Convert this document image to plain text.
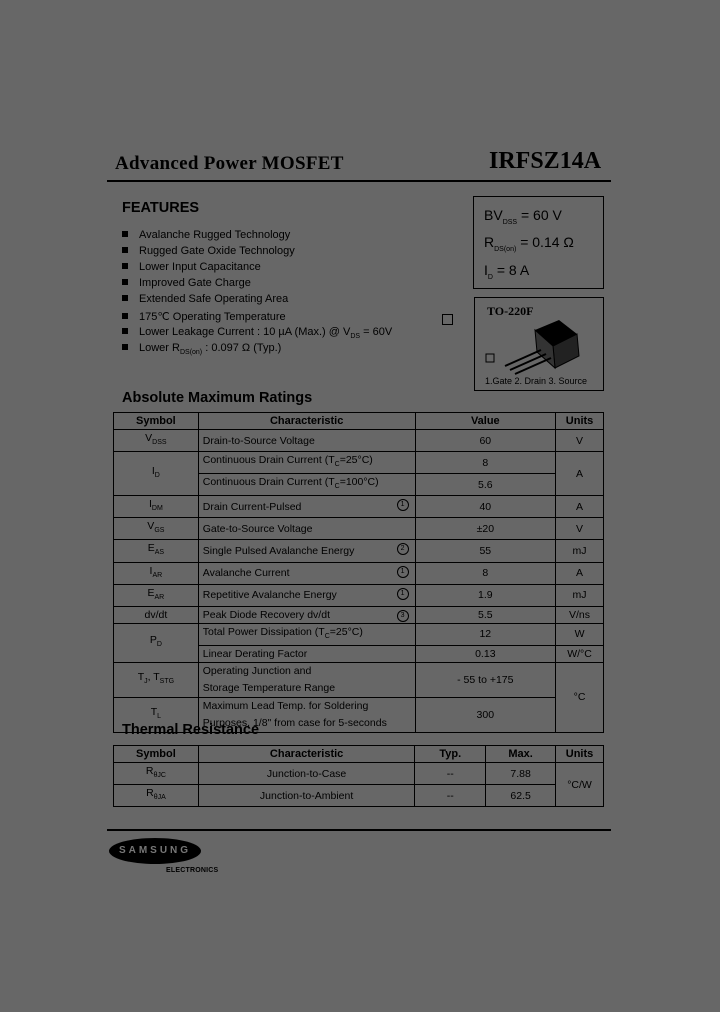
Advanced Power MOSFET	IRFSZ14A
FEATURES
Avalanche Rugged Technology
Rugged Gate Oxide Technology
Lower Input Capacitance
Improved Gate Charge
Extended Safe Operating Area
175℃ Operating Temperature
Lower Leakage Current : 10 µA (Max.) @ $V_{DS} = 60V$
Lower $R_{DS(on)}$ : 0.097 Ω (Typ.)
$BV_{DSS} = 60$ V
$R_{DS(on)} = 0.14$ Ω
$I_D = 8$ A
TO-220F
1.Gate 2. Drain 3. Source
Absolute Maximum Ratings
Symbol	Characteristic	Value	Units
$V_{DSS}$	Drain-to-Source Voltage	60	V
$I_D$	Continuous Drain Current $(T_C=25^\circ C)$	8	A
	Continuous Drain Current $(T_C=100^\circ C)$	5.6	
$I_{DM}$	Drain Current-Pulsed 1	40	A
$V_{GS}$	Gate-to-Source Voltage	±20	V
$E_{AS}$	Single Pulsed Avalanche Energy 2	55	mJ
$I_{AR}$	Avalanche Current 1	8	A
$E_{AR}$	Repetitive Avalanche Energy 1	1.9	mJ
dv/dt	Peak Diode Recovery dv/dt 3	5.5	V/ns
$P_D$	Total Power Dissipation $(T_C=25^\circ C)$	12	W
	Linear Derating Factor	0.13	W/°C
$T_J$, $T_{STG}$	Operating Junction and
Storage Temperature Range	- 55 to +175	°C
$T_L$	Maximum Lead Temp. for Soldering
Purposes, 1/8" from case for 5-seconds	300	
Thermal Resistance
Symbol	Characteristic	Typ.	Max.	Units
$R_{\theta JC}$	Junction-to-Case	--	7.88	°C/W
$R_{\theta JA}$	Junction-to-Ambient	--	62.5	
SAMSUNG
ELECTRONICS
